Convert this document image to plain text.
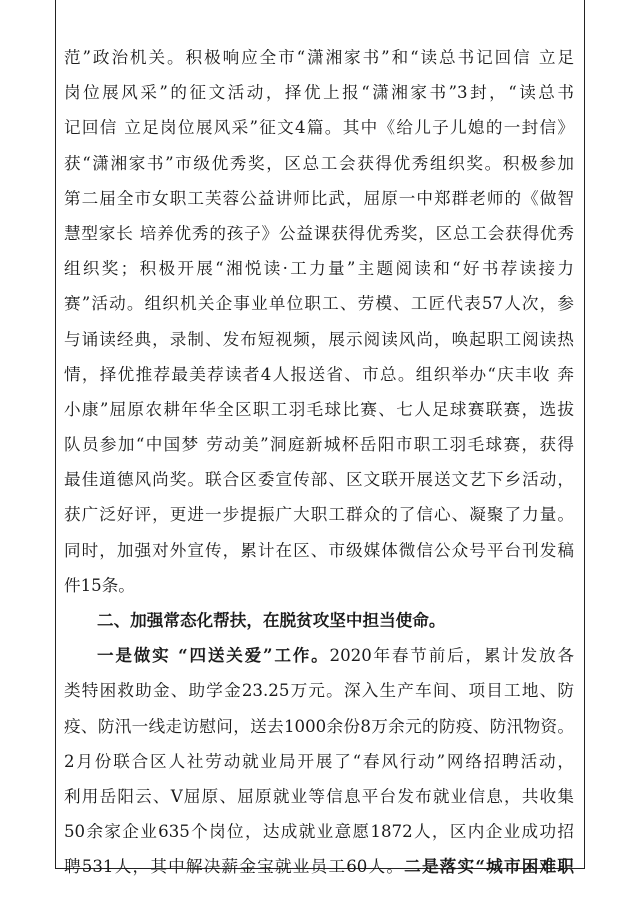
范”政治机关。积极响应全市“潇湘家书”和“读总书记回信 立足
岗位展风采”的征文活动，择优上报“潇湘家书”3封，“读总书
记回信 立足岗位展风采”征文4篇。其中《给儿子儿媳的一封信》
获“潇湘家书”市级优秀奖，区总工会获得优秀组织奖。积极参加
第二届全市女职工芙蓉公益讲师比武，屈原一中郑群老师的《做智
慧型家长 培养优秀的孩子》公益课获得优秀奖，区总工会获得优秀
组织奖；积极开展“湘悦读·工力量”主题阅读和“好书荐读接力
赛”活动。组织机关企事业单位职工、劳模、工匠代表57人次，参
与诵读经典，录制、发布短视频，展示阅读风尚，唤起职工阅读热
情，择优推荐最美荐读者4人报送省、市总。组织举办“庆丰收 奔
小康”屈原农耕年华全区职工羽毛球比赛、七人足球赛联赛，选拔
队员参加“中国梦 劳动美”洞庭新城杯岳阳市职工羽毛球赛，获得
最佳道德风尚奖。联合区委宣传部、区文联开展送文艺下乡活动，
获广泛好评，更进一步提振广大职工群众的了信心、凝聚了力量。
同时，加强对外宣传，累计在区、市级媒体微信公众号平台刊发稿
件15条。
二、加强常态化帮扶，在脱贫攻坚中担当使命。
一是做实 “四送关爱”工作。2020年春节前后，累计发放各
类特困救助金、助学金23.25万元。深入生产车间、项目工地、防
疫、防汛一线走访慰问，送去1000余份8万余元的防疫、防汛物资。
2月份联合区人社劳动就业局开展了“春风行动”网络招聘活动，
利用岳阳云、V屈原、屈原就业等信息平台发布就业信息，共收集
50余家企业635个岗位，达成就业意愿1872人，区内企业成功招
聘531人，其中解决薪金宝就业员工60人。二是落实“城市困难职
